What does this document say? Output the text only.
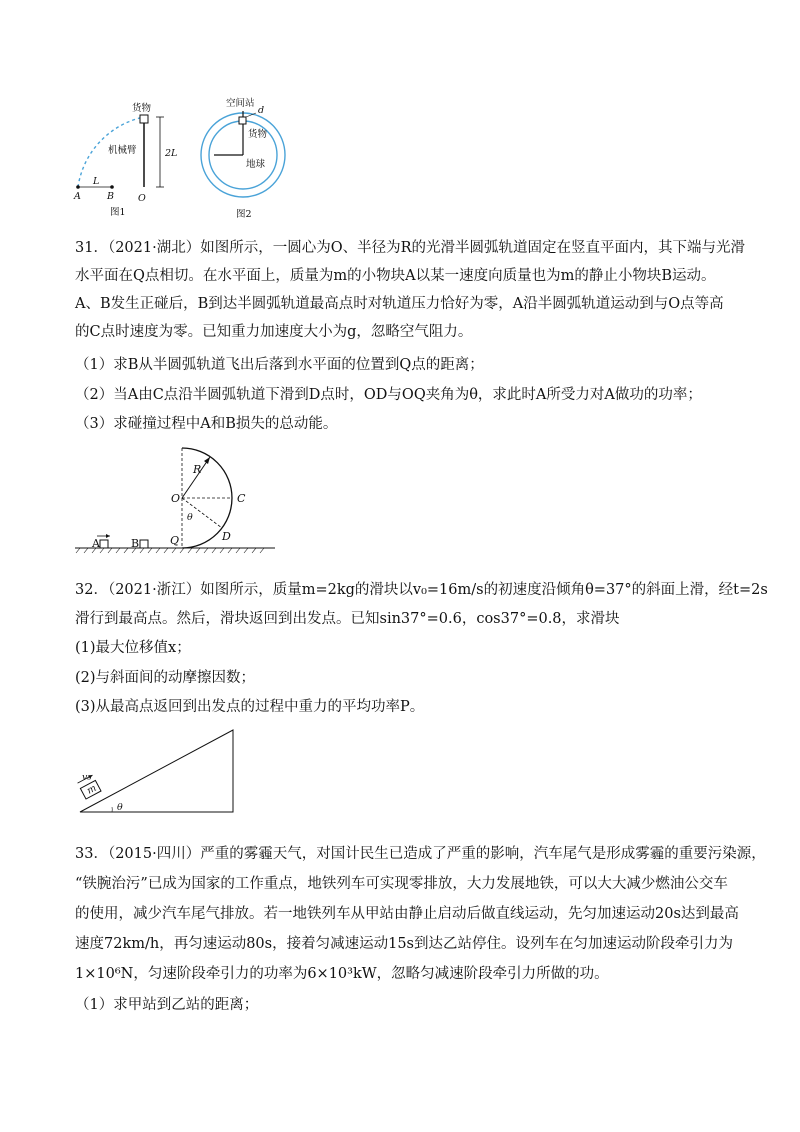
货物
机械臂	2L
A
L
B	O
图1
空间站
d
货物
地球
图2
31．（2021·湖北）如图所示，一圆心为O、半径为R的光滑半圆弧轨道固定在竖直平面内，其下端与光滑
水平面在Q点相切。在水平面上，质量为m的小物块A以某一速度向质量也为m的静止小物块B运动。
A、B发生正碰后，B到达半圆弧轨道最高点时对轨道压力恰好为零，A沿半圆弧轨道运动到与O点等高
的C点时速度为零。已知重力加速度大小为g，忽略空气阻力。
（1）求B从半圆弧轨道飞出后落到水平面的位置到Q点的距离；
（2）当A由C点沿半圆弧轨道下滑到D点时，OD与OQ夹角为θ，求此时A所受力对A做功的功率；
（3）求碰撞过程中A和B损失的总动能。
R
O	C
θ
D
Q
A	B
32．（2021·浙江）如图所示，质量m=2kg的滑块以v₀=16m/s的初速度沿倾角θ=37°的斜面上滑，经t=2s
滑行到最高点。然后，滑块返回到出发点。已知sin37°=0.6，cos37°=0.8，求滑块
(1)最大位移值x；
(2)与斜面间的动摩擦因数；
(3)从最高点返回到出发点的过程中重力的平均功率P。
m
v₀
θ
33．（2015·四川）严重的雾霾天气，对国计民生已造成了严重的影响，汽车尾气是形成雾霾的重要污染源，
“铁腕治污”已成为国家的工作重点，地铁列车可实现零排放，大力发展地铁，可以大大减少燃油公交车
的使用，减少汽车尾气排放。若一地铁列车从甲站由静止启动后做直线运动，先匀加速运动20s达到最高
速度72km/h，再匀速运动80s，接着匀减速运动15s到达乙站停住。设列车在匀加速运动阶段牵引力为
1×10⁶N，匀速阶段牵引力的功率为6×10³kW，忽略匀减速阶段牵引力所做的功。
（1）求甲站到乙站的距离；
